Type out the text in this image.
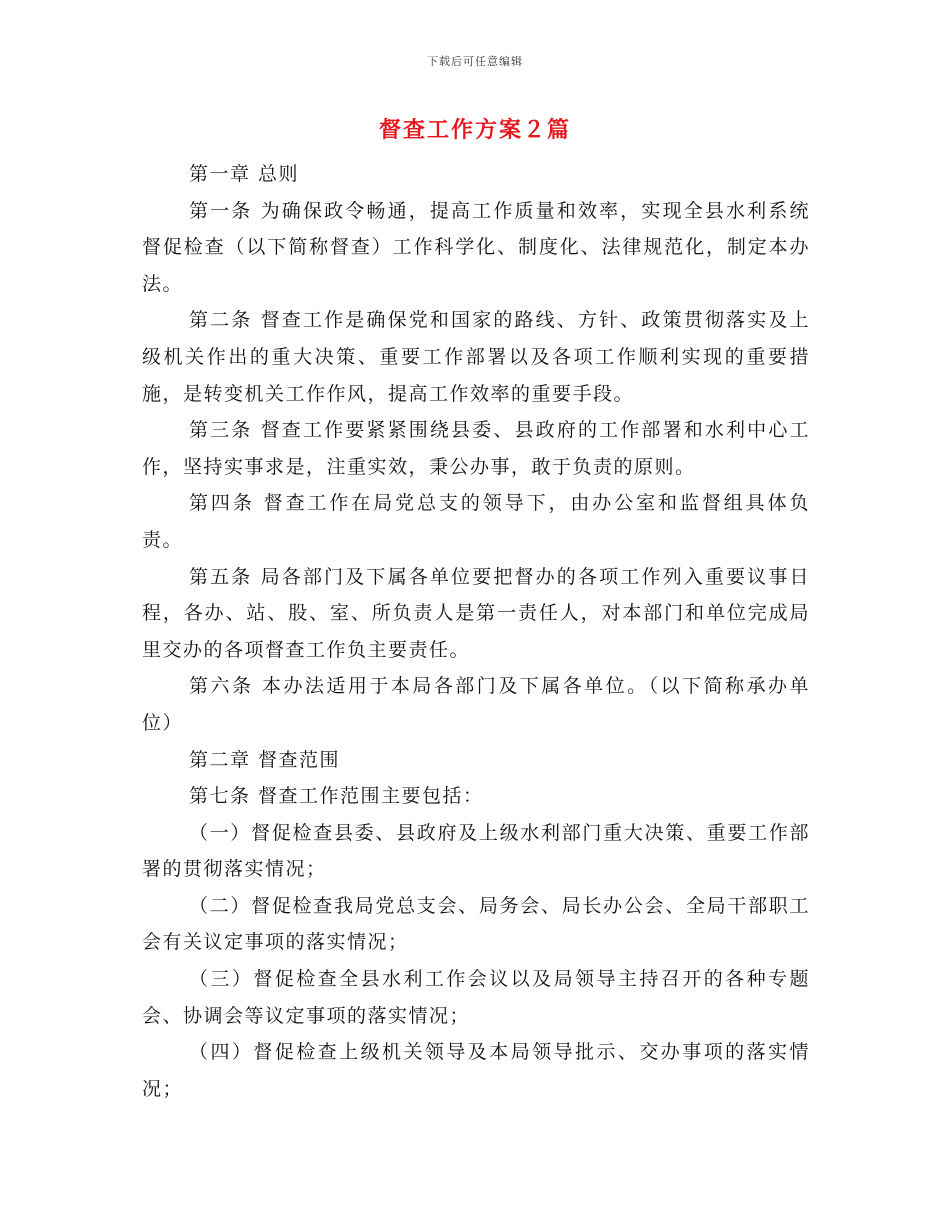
下载后可任意编辑
督查工作方案２篇

第一章 总则

第一条 为确保政令畅通，提高工作质量和效率，实现全县水利系统督促检查（以下简称督查）工作科学化、制度化、法律规范化，制定本办法。

第二条 督查工作是确保党和国家的路线、方针、政策贯彻落实及上级机关作出的重大决策、重要工作部署以及各项工作顺利实现的重要措施，是转变机关工作作风，提高工作效率的重要手段。

第三条 督查工作要紧紧围绕县委、县政府的工作部署和水利中心工作，坚持实事求是，注重实效，秉公办事，敢于负责的原则。

第四条 督查工作在局党总支的领导下，由办公室和监督组具体负责。

第五条 局各部门及下属各单位要把督办的各项工作列入重要议事日程，各办、站、股、室、所负责人是第一责任人，对本部门和单位完成局里交办的各项督查工作负主要责任。

第六条 本办法适用于本局各部门及下属各单位。（以下简称承办单位）

第二章 督查范围

第七条 督查工作范围主要包括：

（一）督促检查县委、县政府及上级水利部门重大决策、重要工作部署的贯彻落实情况；

（二）督促检查我局党总支会、局务会、局长办公会、全局干部职工会有关议定事项的落实情况；

（三）督促检查全县水利工作会议以及局领导主持召开的各种专题会、协调会等议定事项的落实情况；

（四）督促检查上级机关领导及本局领导批示、交办事项的落实情况；
